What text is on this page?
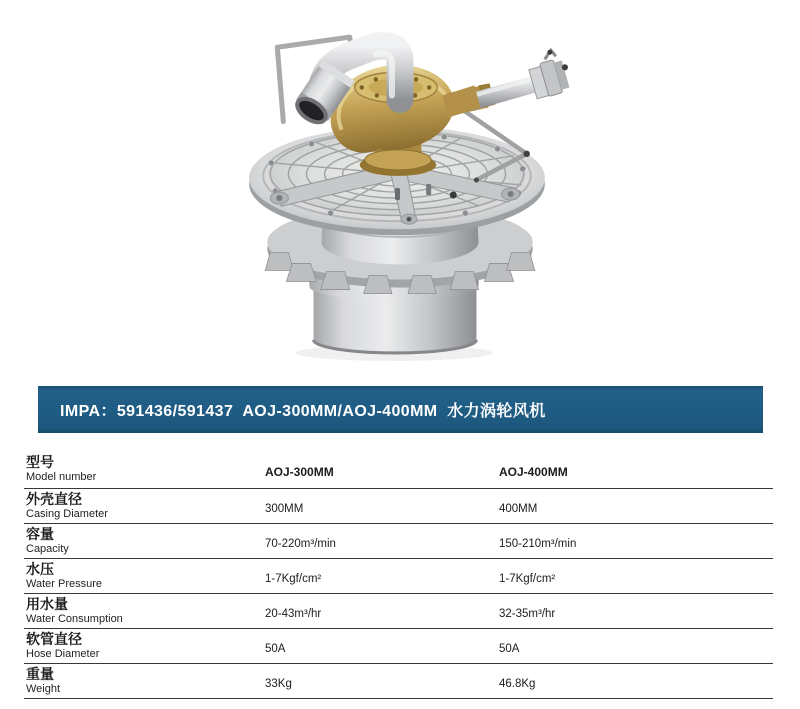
IMPA：591436/591437  AOJ-300MM/AOJ-400MM  水力涡轮风机
型号
Model number	AOJ-300MM	AOJ-400MM
外壳直径
Casing Diameter	300MM	400MM
容量
Capacity	70-220m³/min	150-210m³/min
水压
Water Pressure	1-7Kgf/cm²	1-7Kgf/cm²
用水量
Water Consumption	20-43m³/hr	32-35m³/hr
软管直径
Hose Diameter	50A	50A
重量
Weight	33Kg	46.8Kg
